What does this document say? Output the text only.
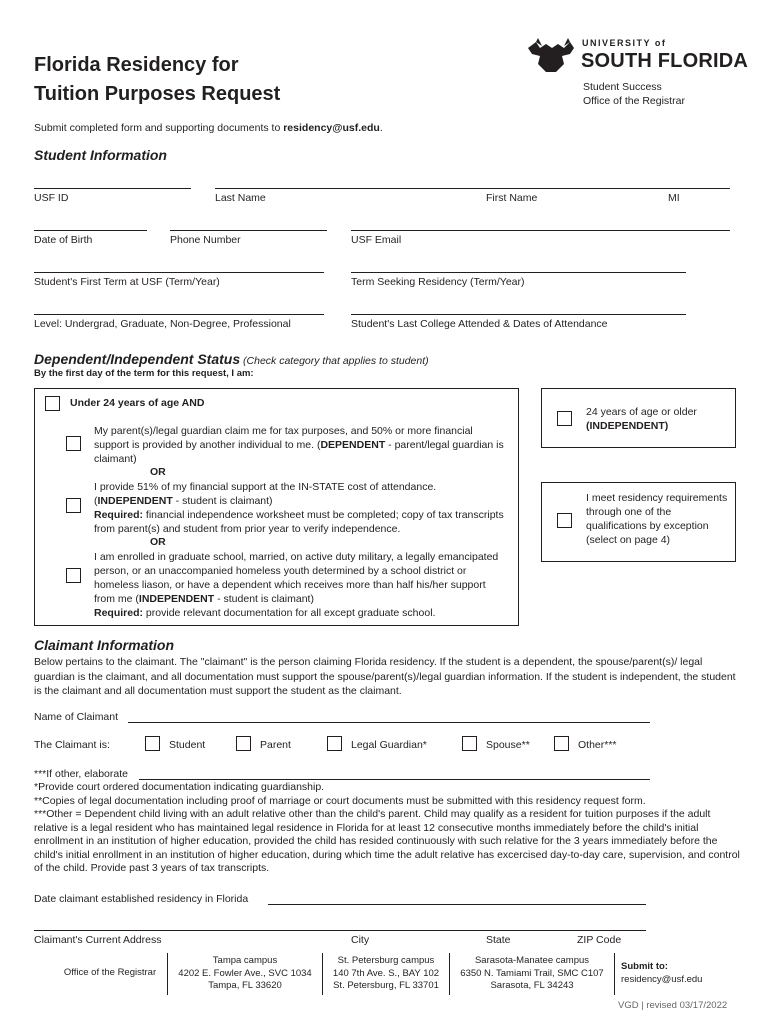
Florida Residency for
Tuition Purposes Request
Submit completed form and supporting documents to residency@usf.edu.
UNIVERSITY of
SOUTH FLORIDA
Student Success
Office of the Registrar
Student Information
USF ID	Last Name	First Name	MI
Date of Birth	Phone Number	USF Email
Student's First Term at USF (Term/Year)	Term Seeking Residency (Term/Year)
Level: Undergrad, Graduate, Non-Degree, Professional	Student's Last College Attended & Dates of Attendance
Dependent/Independent Status (Check category that applies to student)
By the first day of the term for this request, I am:
Under 24 years of age AND
My parent(s)/legal guardian claim me for tax purposes, and 50% or more financial support is provided by another individual to me. (DEPENDENT - parent/legal guardian is claimant)
OR
I provide 51% of my financial support at the IN-STATE cost of attendance. (INDEPENDENT - student is claimant)
Required: financial independence worksheet must be completed; copy of tax transcripts from parent(s) and student from prior year to verify independence.
OR
I am enrolled in graduate school, married, on active duty military, a legally emancipated person, or an unaccompanied homeless youth determined by a school district or homeless liason, or have a dependent which receives more than half his/her support from me (INDEPENDENT - student is claimant)
Required: provide relevant documentation for all except graduate school.
24 years of age or older
(INDEPENDENT)
I meet residency requirements through one of the qualifications by exception (select on page 4)
Claimant Information
Below pertains to the claimant. The "claimant" is the person claiming Florida residency. If the student is a dependent, the spouse/parent(s)/ legal guardian is the claimant, and all documentation must support the spouse/parent(s)/legal guardian information. If the student is independent, the student is the claimant and all documentation must support the student as the claimant.
Name of Claimant
The Claimant is:	Student	Parent	Legal Guardian*	Spouse**	Other***
***If other, elaborate
*Provide court ordered documentation indicating guardianship.
**Copies of legal documentation including proof of marriage or court documents must be submitted with this residency request form.
***Other = Dependent child living with an adult relative other than the child's parent. Child may qualify as a resident for tuition purposes if the adult relative is a legal resident who has maintained legal residence in Florida for at least 12 consecutive months immediately before the child's initial enrollment in an institution of higher education, provided the child has resided continuously with such relative for the 3 years immediately before the child's initial enrollment in an institution of higher education, during which time the adult relative has excercised day-to-day care, supervision, and control of the child. Provide past 3 years of tax transcripts.
Date claimant established residency in Florida
Claimant's Current Address	City	State	ZIP Code
Office of the Registrar
Tampa campus
4202 E. Fowler Ave., SVC 1034
Tampa, FL 33620
St. Petersburg campus
140 7th Ave. S., BAY 102
St. Petersburg, FL 33701
Sarasota-Manatee campus
6350 N. Tamiami Trail, SMC C107
Sarasota, FL 34243
Submit to:
residency@usf.edu
VGD | revised 03/17/2022
